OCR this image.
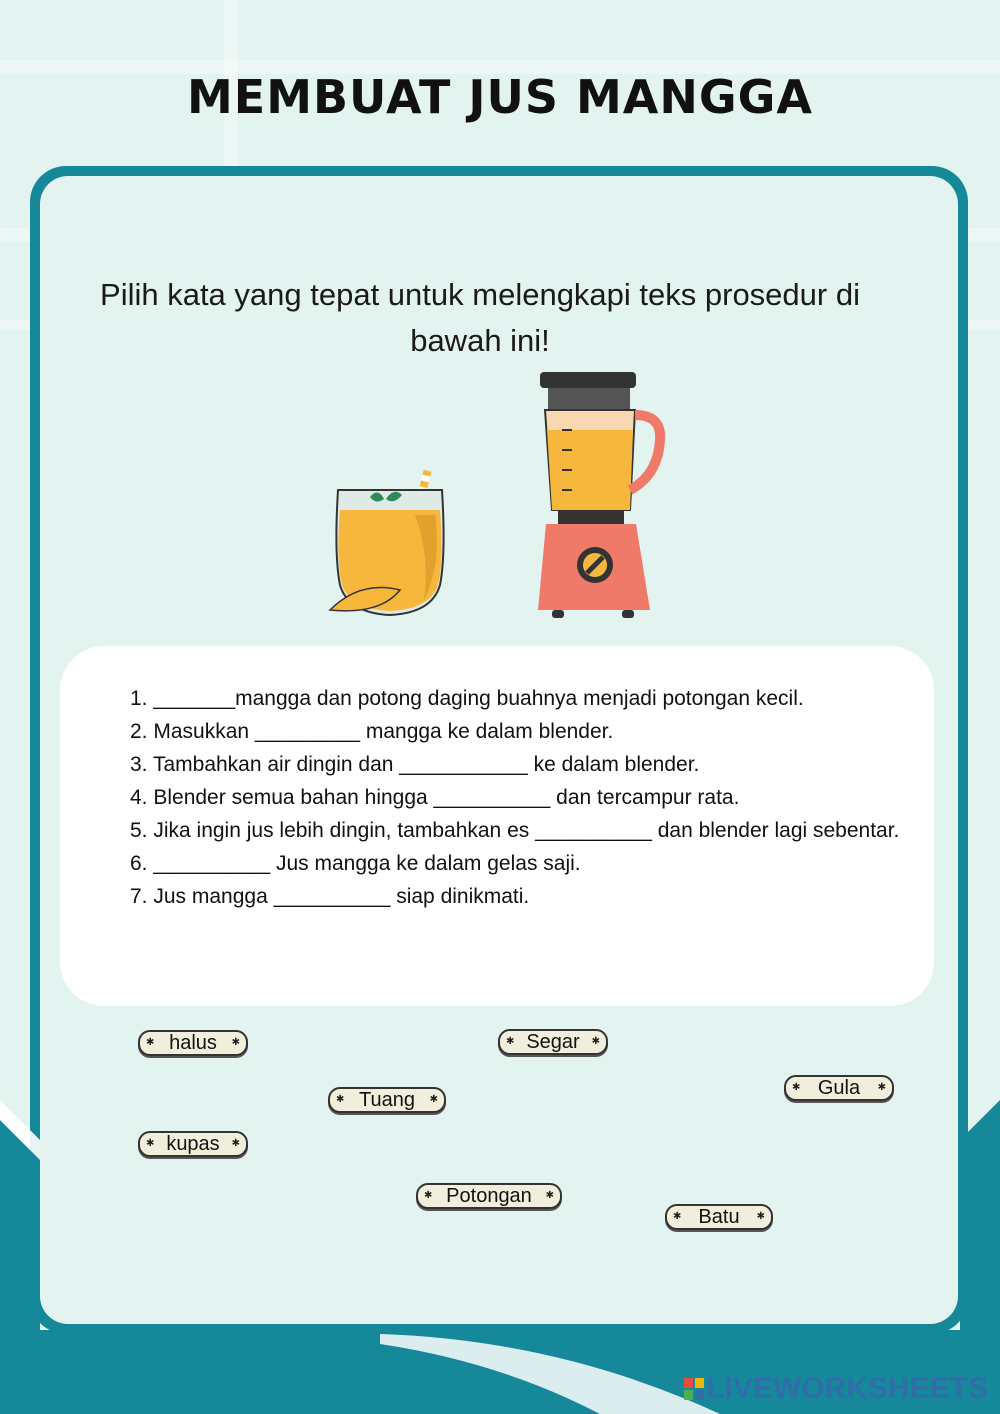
MEMBUAT JUS MANGGA
Pilih kata yang tepat untuk melengkapi teks prosedur di bawah ini!
1. _______mangga dan potong daging buahnya menjadi potongan kecil.
2. Masukkan _________ mangga ke dalam blender.
3. Tambahkan air dingin dan ___________ ke dalam blender.
4. Blender semua bahan hingga __________ dan tercampur rata.
5. Jika ingin jus lebih dingin, tambahkan es __________ dan blender lagi sebentar.
6. __________ Jus mangga ke dalam gelas saji.
7. Jus mangga __________ siap dinikmati.
✱ halus ✱
✱	Segar ✱
✱ Tuang ✱
✱ Gula ✱
✱ kupas ✱
✱ Potongan ✱
✱ Batu ✱
LIVEWORKSHEETS
